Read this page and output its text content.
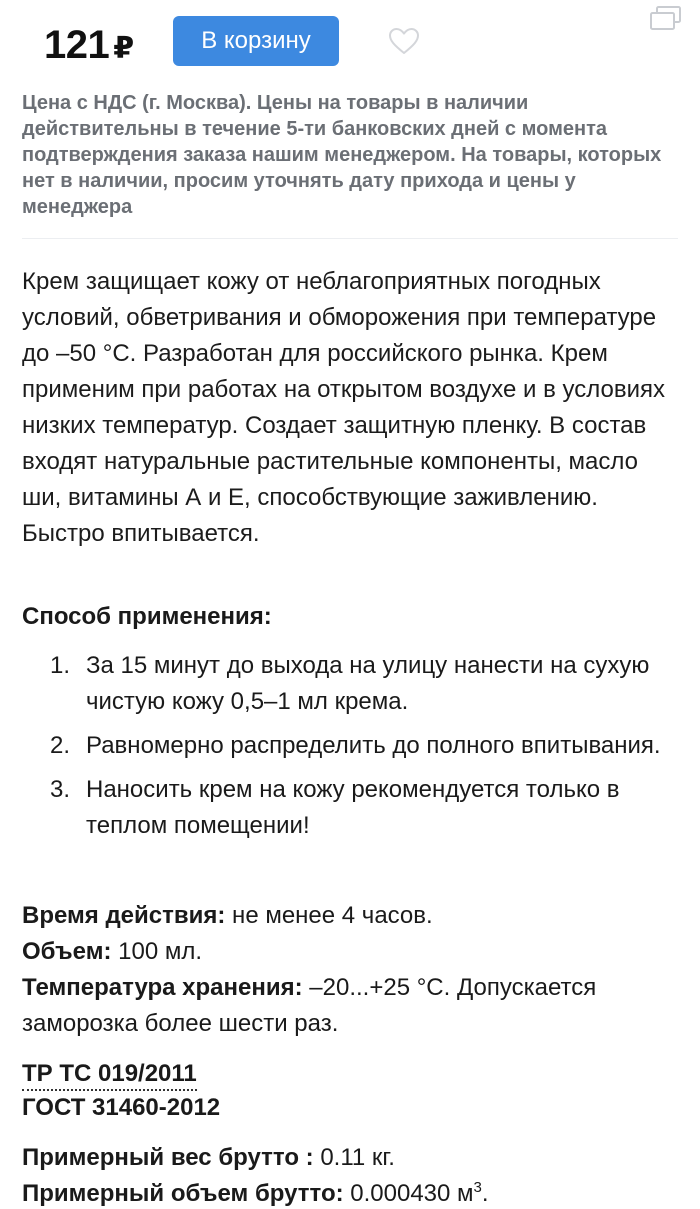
121 ₽	В корзину
Цена с НДС (г. Москва). Цены на товары в наличии действительны в течение 5-ти банковских дней с момента подтверждения заказа нашим менеджером. На товары, которых нет в наличии, просим уточнять дату прихода и цены у менеджера
Крем защищает кожу от неблагоприятных погодных условий, обветривания и обморожения при температуре до –50 °C. Разработан для российского рынка. Крем применим при работах на открытом воздухе и в условиях низких температур. Создает защитную пленку. В состав входят натуральные растительные компоненты, масло ши, витамины А и Е, способствующие заживлению. Быстро впитывается.
Способ применения:
1. За 15 минут до выхода на улицу нанести на сухую чистую кожу 0,5–1 мл крема.
2. Равномерно распределить до полного впитывания.
3. Наносить крем на кожу рекомендуется только в теплом помещении!
Время действия: не менее 4 часов.
Объем: 100 мл.
Температура хранения: –20...+25 °C. Допускается заморозка более шести раз.
ТР ТС 019/2011
ГОСТ 31460-2012
Примерный вес брутто : 0.11 кг.
Примерный объем брутто: 0.000430 $м^3$.
